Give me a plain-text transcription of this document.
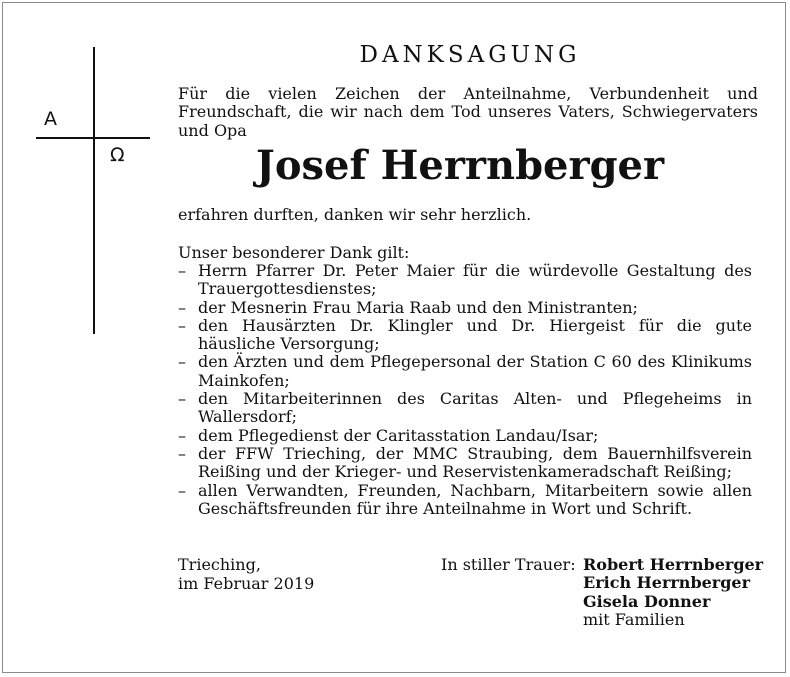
A
Ω
DANKSAGUNG
Für die vielen Zeichen der Anteilnahme, Verbundenheit und Freundschaft, die wir nach dem Tod unseres Vaters, Schwiegervaters und Opa
Josef Herrnberger
erfahren durften, danken wir sehr herzlich.
Unser besonderer Dank gilt:
– Herrn Pfarrer Dr. Peter Maier für die würdevolle Gestaltung des Trauergottesdienstes;
– der Mesnerin Frau Maria Raab und den Ministranten;
– den Hausärzten Dr. Klingler und Dr. Hiergeist für die gute häusliche Versorgung;
– den Ärzten und dem Pflegepersonal der Station C 60 des Klinikums Mainkofen;
– den Mitarbeiterinnen des Caritas Alten- und Pflegeheims in Wallersdorf;
– dem Pflegedienst der Caritasstation Landau/Isar;
– der FFW Trieching, der MMC Straubing, dem Bauernhilfsverein Reißing und der Krieger- und Reservistenkameradschaft Reißing;
– allen Verwandten, Freunden, Nachbarn, Mitarbeitern sowie allen Geschäftsfreunden für ihre Anteilnahme in Wort und Schrift.
Trieching,
im Februar 2019
In stiller Trauer: Robert Herrnberger
Erich Herrnberger
Gisela Donner
mit Familien
